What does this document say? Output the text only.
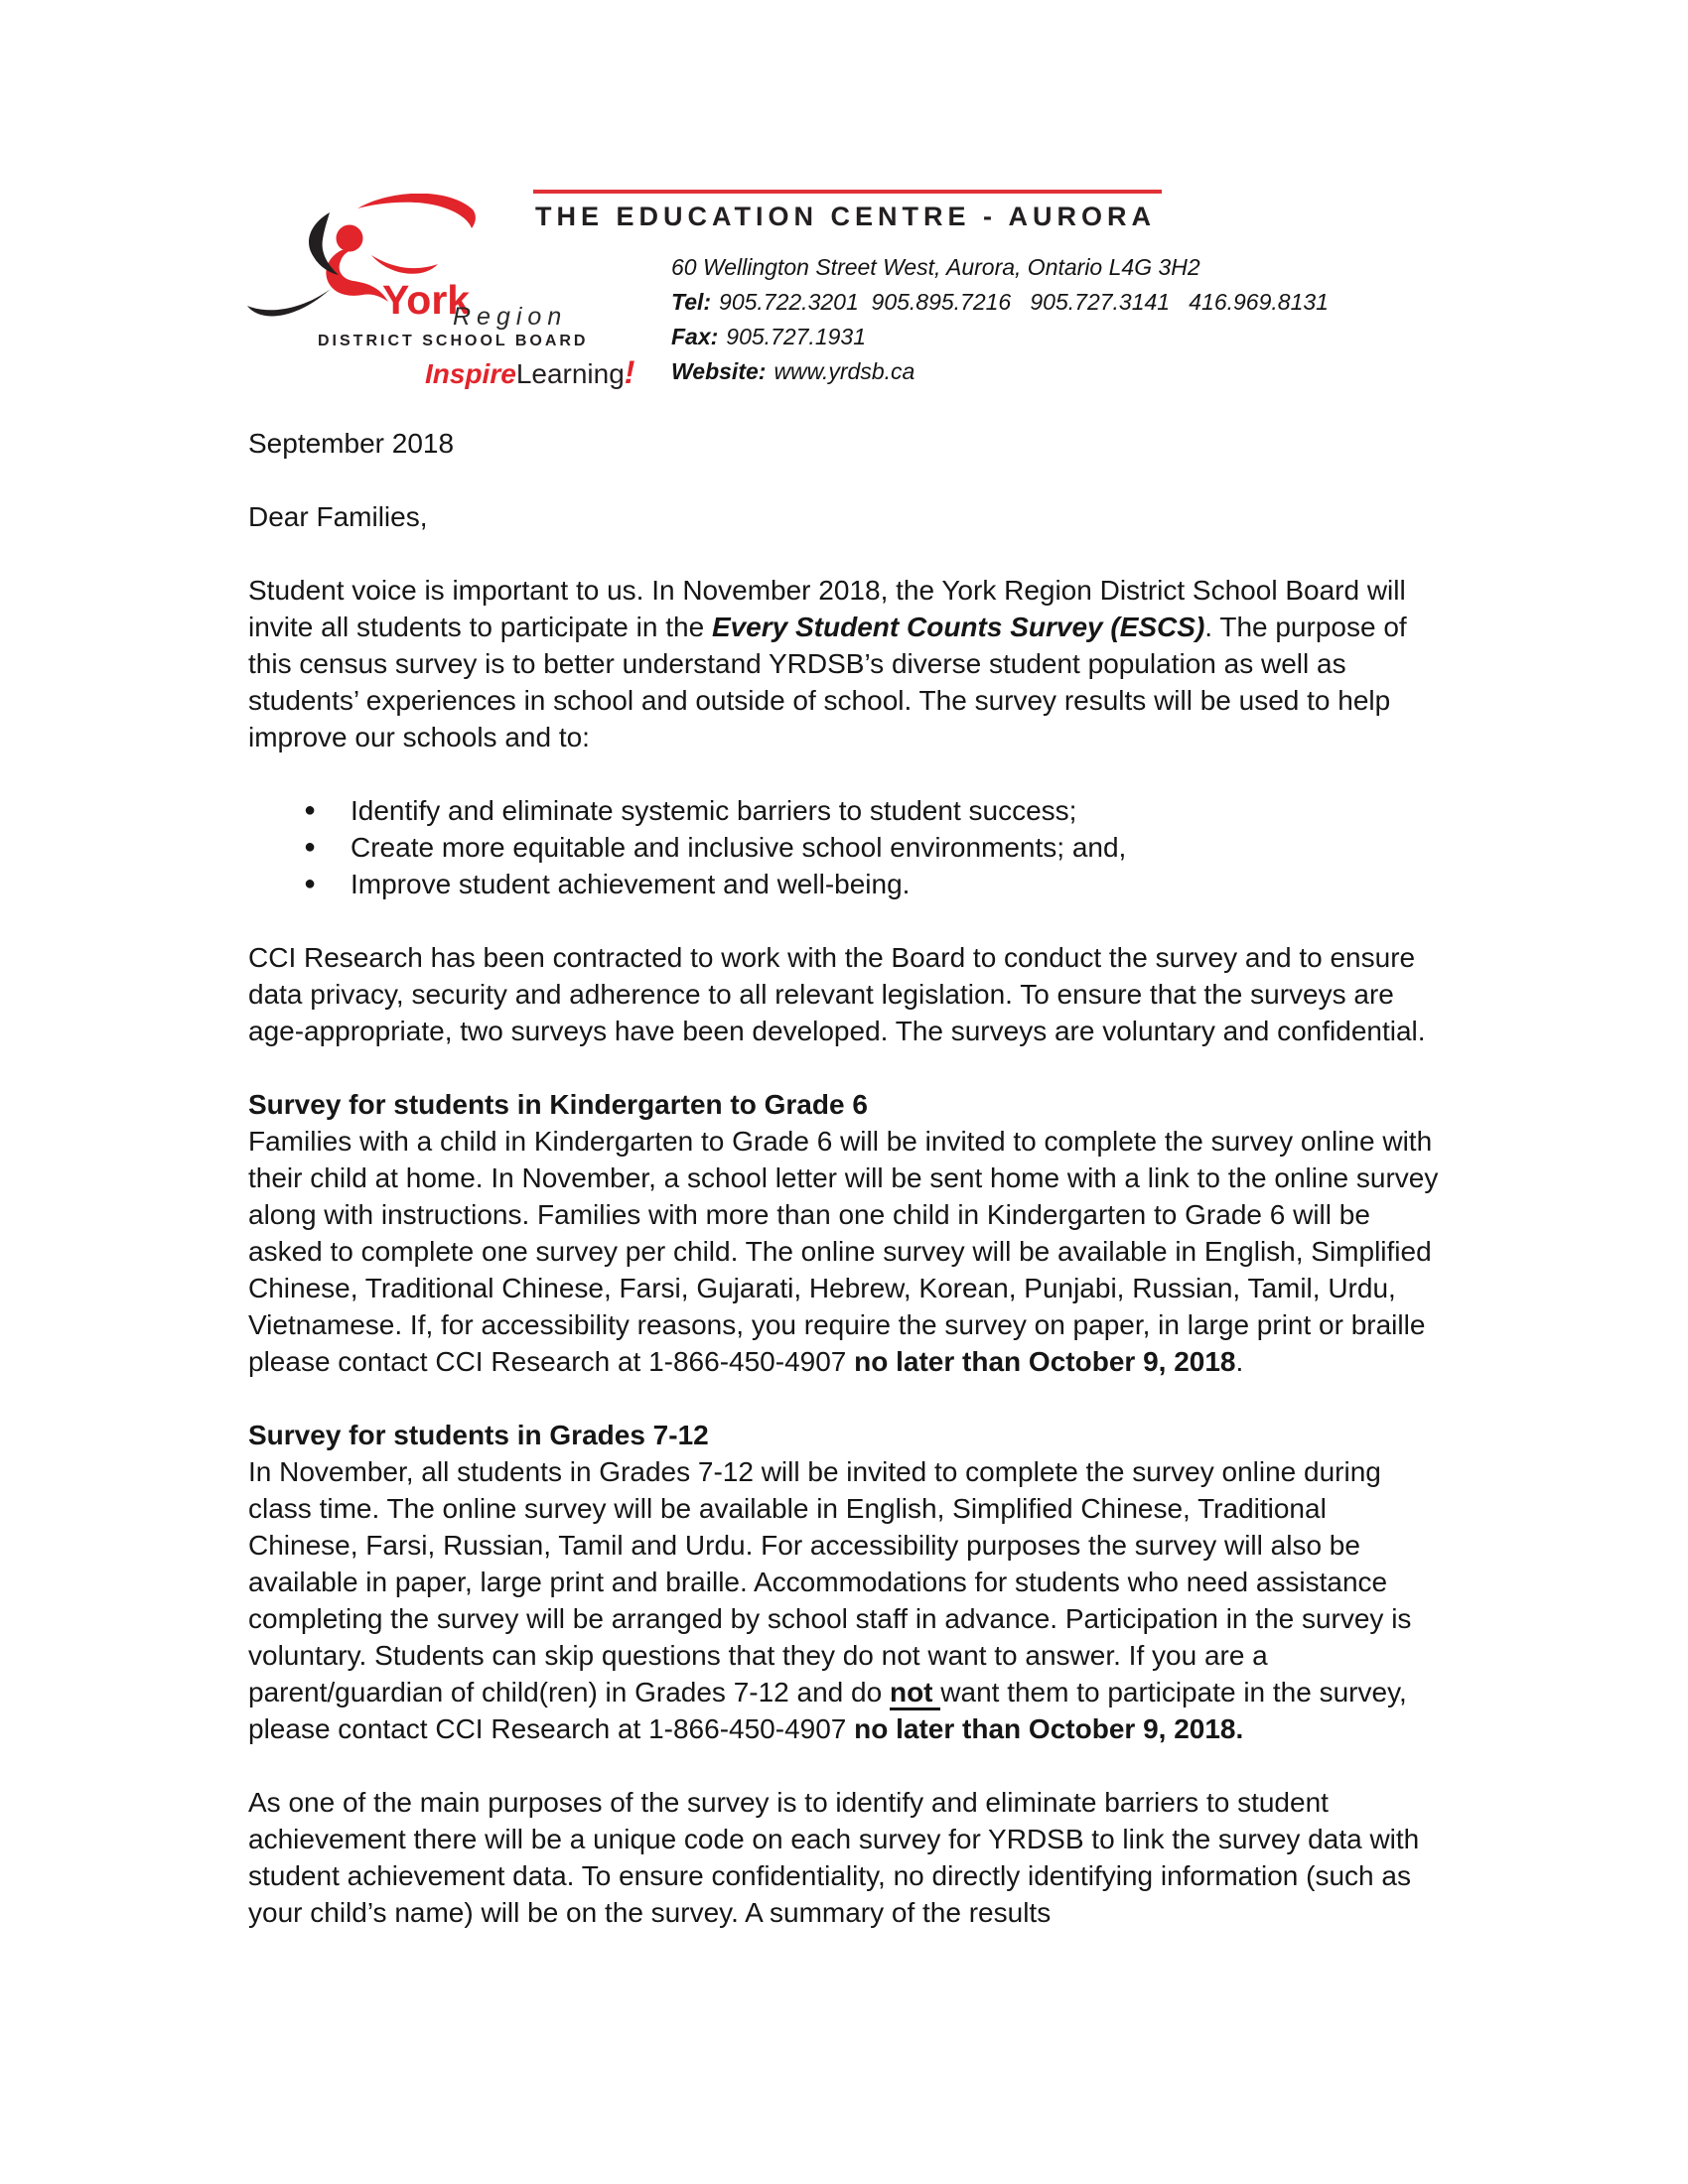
York
Region
DISTRICT SCHOOL BOARD
InspireLearning!
THE EDUCATION CENTRE - AURORA
60 Wellington Street West, Aurora, Ontario L4G 3H2
Tel: 905.722.3201  905.895.7216   905.727.3141   416.969.8131
Fax: 905.727.1931
Website: www.yrdsb.ca

September 2018

Dear Families,

Student voice is important to us. In November 2018, the York Region District School Board will invite all students to participate in the Every Student Counts Survey (ESCS). The purpose of this census survey is to better understand YRDSB’s diverse student population as well as students’ experiences in school and outside of school. The survey results will be used to help improve our schools and to:

● Identify and eliminate systemic barriers to student success;
● Create more equitable and inclusive school environments; and,
● Improve student achievement and well-being.

CCI Research has been contracted to work with the Board to conduct the survey and to ensure data privacy, security and adherence to all relevant legislation. To ensure that the surveys are age-appropriate, two surveys have been developed. The surveys are voluntary and confidential.

Survey for students in Kindergarten to Grade 6

Families with a child in Kindergarten to Grade 6 will be invited to complete the survey online with their child at home. In November, a school letter will be sent home with a link to the online survey along with instructions. Families with more than one child in Kindergarten to Grade 6 will be asked to complete one survey per child. The online survey will be available in English, Simplified Chinese, Traditional Chinese, Farsi, Gujarati, Hebrew, Korean, Punjabi, Russian, Tamil, Urdu, Vietnamese. If, for accessibility reasons, you require the survey on paper, in large print or braille please contact CCI Research at 1-866-450-4907 no later than October 9, 2018.

Survey for students in Grades 7-12

In November, all students in Grades 7-12 will be invited to complete the survey online during class time. The online survey will be available in English, Simplified Chinese, Traditional Chinese, Farsi, Russian, Tamil and Urdu. For accessibility purposes the survey will also be available in paper, large print and braille. Accommodations for students who need assistance completing the survey will be arranged by school staff in advance. Participation in the survey is voluntary. Students can skip questions that they do not want to answer. If you are a parent/guardian of child(ren) in Grades 7-12 and do not want them to participate in the survey, please contact CCI Research at 1-866-450-4907 no later than October 9, 2018.

As one of the main purposes of the survey is to identify and eliminate barriers to student achievement there will be a unique code on each survey for YRDSB to link the survey data with student achievement data. To ensure confidentiality, no directly identifying information (such as your child’s name) will be on the survey. A summary of the results
